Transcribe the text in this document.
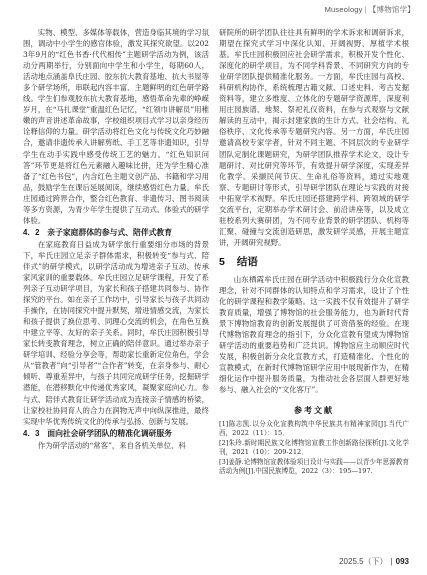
Museology | 【博物馆学】

实物、模型、多媒体等载体，营造身临其境的学习氛围，调动中小学生的感官体验，激发其探究欲望。以2023年9月的“红色书香·代代相传”主题研学活动为例，该活动分两期举行，分别面向中学生和小学生，每期60人，活动地点涵盖阜氏庄园、胶东抗大教育基地、抗大书屋等多个研学场所，串联起内容丰富、主题鲜明的红色研学路线。学生们参观胶东抗大教育基地，感悟革命先辈的峥嵘岁月，在“马扎课堂”重温红色记忆，“红领巾讲解员”用稚嫩的声音讲述革命故事，学校组织项目式学习以亲身经历诠释信仰的力量。研学活动将红色文化与传统文化巧妙融合，邀请非遗传承人讲解剪纸、手工艺等非遗知识，引导学生在动手实践中感受传统工艺的魅力。“红色知识问答”环节更是将红色元素融入趣味比拼，还为学生精心准备了“红色书包”，内含红色主题文创产品、书籍和学习用品，鼓励学生在课后延展阅读，继续感悟红色力量。牟氏庄园通过跨界合作，整合红色教育、非遗传习、图书阅读等多方资源，为青少年学生提供了互动式、体验式的研学体验。

4．2　亲子家庭群体的参与式、陪伴式教育

在家庭教育日益成为研学旅行重要细分市场的背景下，牟氏庄园立足亲子群体需求，积极转变“参与式、陪伴式”的研学模式，以研学活动成为增进亲子互动、传承家风家训的重要载体。牟氏庄园立足研学课程，开发了系列亲子互动研学项目，为家长和孩子搭建共同参与、协作探究的平台。如在亲子工作坊中，引导家长与孩子共同动手操作，在协同探究中提升默契，增进情感交流，为家长和孩子提供了换位思考、同理心交流的机会，在角色互换中建立平等、友好的亲子关系。同时，牟氏庄园积极引导家长转变教育理念，树立正确的陪伴意识。通过举办亲子研学培训、经验分享会等，帮助家长重新定位角色，学会从“管教者”向“引导者”“合作者”转变，在亲身参与、耐心倾听、尊重差异中，与孩子共同完成研学任务，挖掘研学潜能，在潜移默化中传递优秀家风，凝聚家庭向心力。参与式、陪伴式教育让研学活动成为连接亲子情感的桥梁，让家校社协同育人的合力在润物无声中向纵深推进，最终实现中华优秀传统文化的传承与弘扬、创新与发展。

4．3　面向社会研学团队的精准化调研服务

作为研学活动的“常客”，来自各机关单位、科

研院所的研学团队往往具有鲜明的学术诉求和调研诉求，期望在探究式学习中深化认知、开阔视野、厚植学术根基。牟氏庄园积极回应社会研学需求，积极开发个性化、深度化的研学项目，为不同学科背景、不同研究方向的专业研学团队提供精准化服务。一方面，牟氏庄园与高校、科研机构协作，系统梳理古籍文献、口述史料、考古发掘资料等，建立多维度、立体化的专题研学资源库，深度利用庄园族谱、地契、祭祀礼仪资料，在参与式观察与文献解读的互动中，揭示封建家族的生计方式、社会结构、礼俗秩序、文化传承等专题研究内容。另一方面，牟氏庄园邀请高校专家学者，针对不同主题、不同层次的专业研学团队定制化课题研究，为研学团队推荐学术论文，设计专题研讨、对比研究等环节，有效提升研学深度，实现差异化教学。采撷民间节庆、生命礼俗等资料，通过实地观察、专题研讨等形式，引导研学团队在理论与实践的对接中拓宽学术视野。牟氏庄园还搭建跨学科、跨领域的研学交流平台，定期举办学术研讨会、前沿讲座等，以及成立驻校系列大赛研团，为不同专业背景的研学团队、机构等汇聚、碰撞与交流创造研思，激发研学灵感，开展主题宣讲，开阔研究视野。

5 结语

山东栖霞牟氏庄园在研学活动中积极践行分众化宣教理念，针对不同群体的认知特点和学习需求，设计了个性化的研学课程和教学策略。这一实践不仅有效提升了研学教育质量，增强了博物馆的社会服务能力，也为新时代背景下博物馆教育的创新发展提供了可资借鉴的经验。在现代博物馆教育理念的指引下，分众化宣教有望成为博物馆研学活动的重要趋势和广泛共识。博物馆应主动顺应时代发展，积极创新分众化宣教方式，打造精准化、个性化的宣教模式，在新时代博物馆研学应用中展现新作为，在精细化运作中提升服务质量，为推动社会各层面人群更好地参与、融入社会的“文化客厅”。

参考文献
[1]陈志凯.以分众化宣教构筑中华民族共有精神家园[J].当代广西，2022（11）：15．
[2]朱玲.新时期民族文化博物馆宣教工作创新路径探析[J].文化学刊，2021（10）：209-212．
[3]姜静.论博物馆宣教体验项目设计与实践——以青少年思源教育活动为例[J].中国民族博览，2022（3）：195—197.
2025.5（下） | 093
